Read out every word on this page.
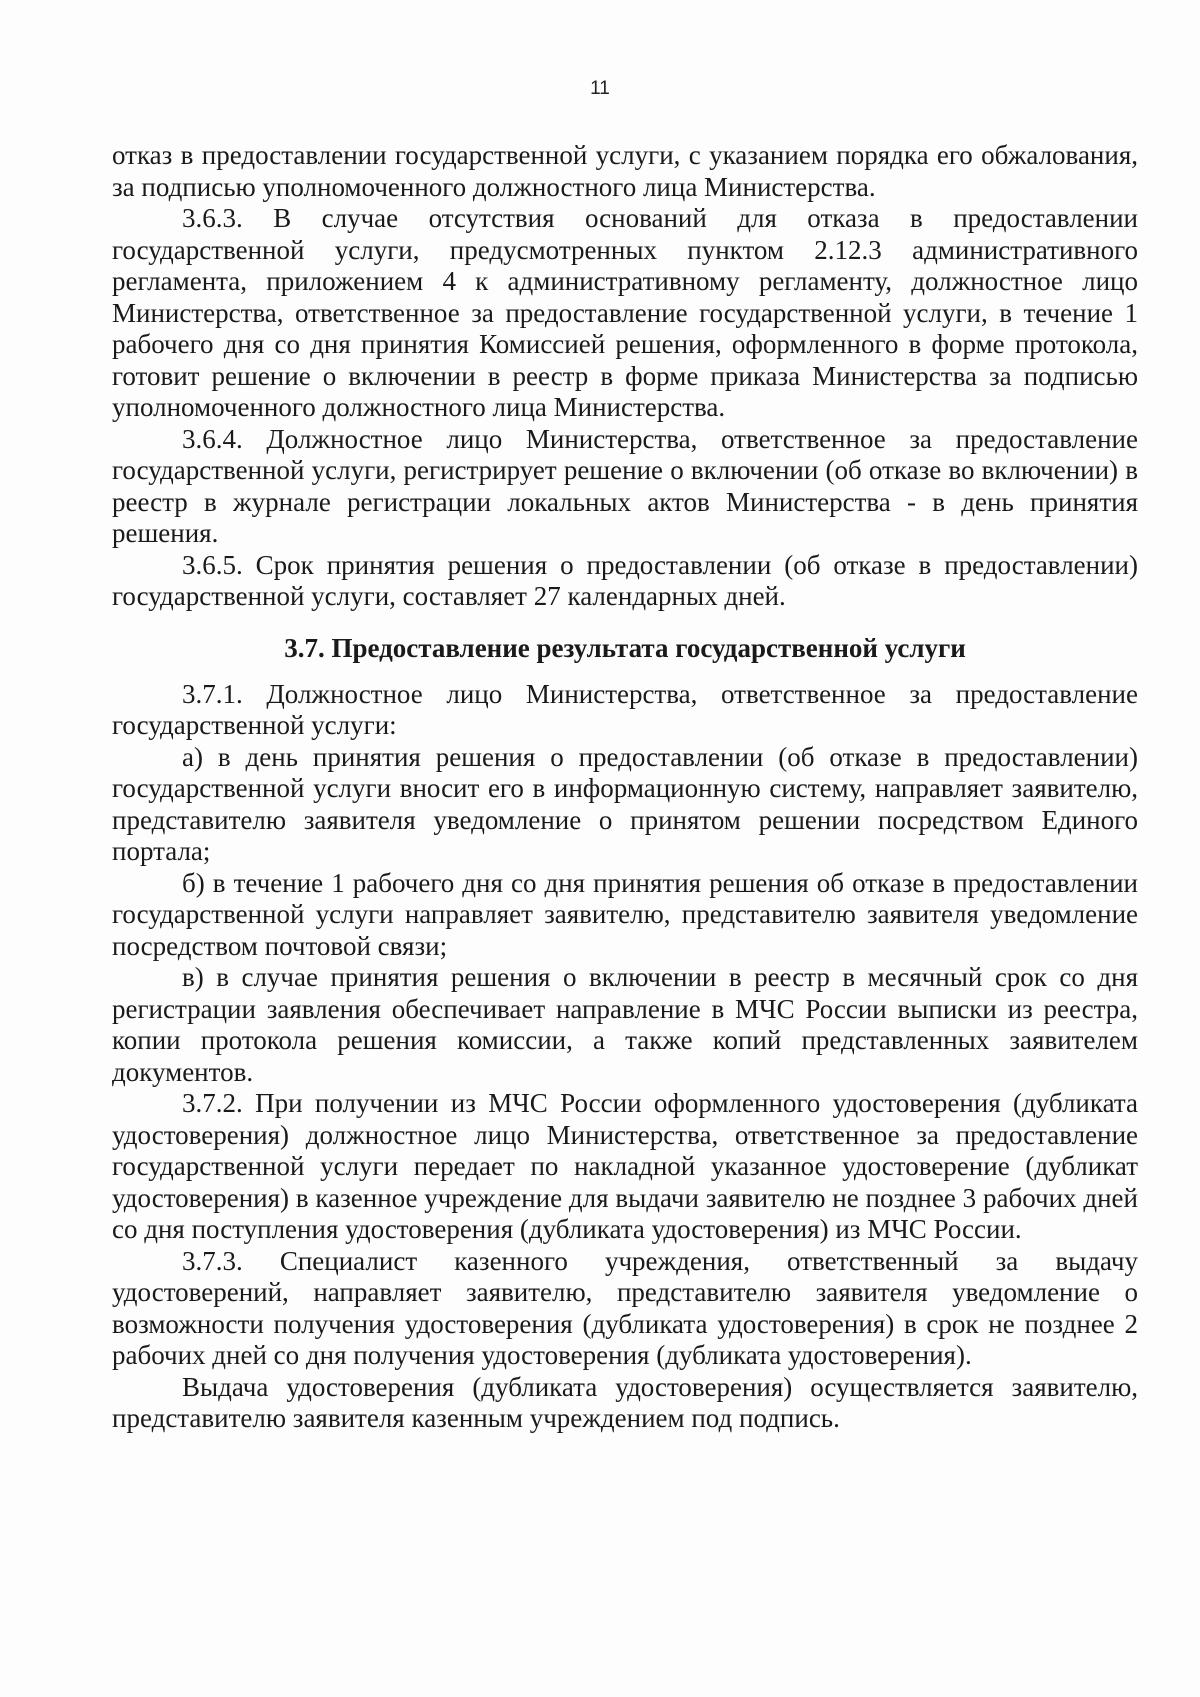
11

отказ в предоставлении государственной услуги, с указанием порядка его обжалования, за подписью уполномоченного должностного лица Министерства.

3.6.3. В случае отсутствия оснований для отказа в предоставлении государственной услуги, предусмотренных пунктом 2.12.3 административного регламента, приложением 4 к административному регламенту, должностное лицо Министерства, ответственное за предоставление государственной услуги, в течение 1 рабочего дня со дня принятия Комиссией решения, оформленного в форме протокола, готовит решение о включении в реестр в форме приказа Министерства за подписью уполномоченного должностного лица Министерства.

3.6.4. Должностное лицо Министерства, ответственное за предоставление государственной услуги, регистрирует решение о включении (об отказе во включении) в реестр в журнале регистрации локальных актов Министерства - в день принятия решения.

3.6.5. Срок принятия решения о предоставлении (об отказе в предоставлении) государственной услуги, составляет 27 календарных дней.

3.7. Предоставление результата государственной услуги

3.7.1. Должностное лицо Министерства, ответственное за предоставление государственной услуги:

а) в день принятия решения о предоставлении (об отказе в предоставлении) государственной услуги вносит его в информационную систему, направляет заявителю, представителю заявителя уведомление о принятом решении посредством Единого портала;

б) в течение 1 рабочего дня со дня принятия решения об отказе в предоставлении государственной услуги направляет заявителю, представителю заявителя уведомление посредством почтовой связи;

в) в случае принятия решения о включении в реестр в месячный срок со дня регистрации заявления обеспечивает направление в МЧС России выписки из реестра, копии протокола решения комиссии, а также копий представленных заявителем документов.

3.7.2. При получении из МЧС России оформленного удостоверения (дубликата удостоверения) должностное лицо Министерства, ответственное за предоставление государственной услуги передает по накладной указанное удостоверение (дубликат удостоверения) в казенное учреждение для выдачи заявителю не позднее 3 рабочих дней со дня поступления удостоверения (дубликата удостоверения) из МЧС России.

3.7.3. Специалист казенного учреждения, ответственный за выдачу удостоверений, направляет заявителю, представителю заявителя уведомление о возможности получения удостоверения (дубликата удостоверения) в срок не позднее 2 рабочих дней со дня получения удостоверения (дубликата удостоверения).

Выдача удостоверения (дубликата удостоверения) осуществляется заявителю, представителю заявителя казенным учреждением под подпись.
